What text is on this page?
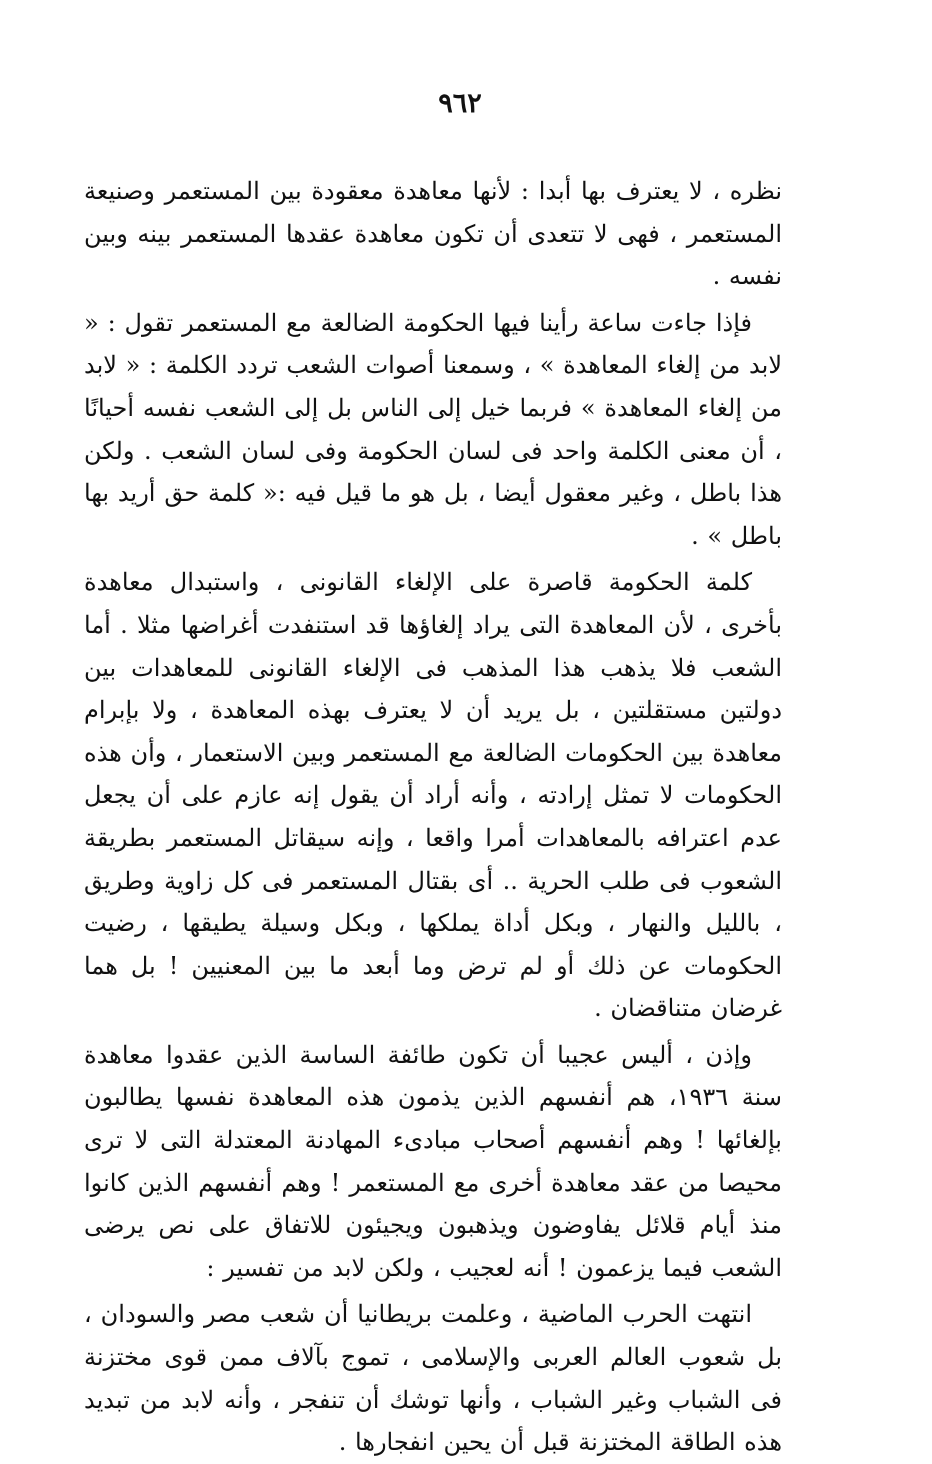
٩٦٢

نظره ، لا يعترف بها أبدا : لأنها معاهدة معقودة بين المستعمر وصنيعة المستعمر ، فهى لا تتعدى أن تكون معاهدة عقدها المستعمر بينه وبين نفسه .

فإذا جاءت ساعة رأينا فيها الحكومة الضالعة مع المستعمر تقول : « لابد من إلغاء المعاهدة » ، وسمعنا أصوات الشعب تردد الكلمة : « لابد من إلغاء المعاهدة » فربما خيل إلى الناس بل إلى الشعب نفسه أحيانًا ، أن معنى الكلمة واحد فى لسان الحكومة وفى لسان الشعب . ولكن هذا باطل ، وغير معقول أيضا ، بل هو ما قيل فيه :« كلمة حق أريد بها باطل » .

كلمة الحكومة قاصرة على الإلغاء القانونى ، واستبدال معاهدة بأخرى ، لأن المعاهدة التى يراد إلغاؤها قد استنفدت أغراضها مثلا . أما الشعب فلا يذهب هذا المذهب فى الإلغاء القانونى للمعاهدات بين دولتين مستقلتين ، بل يريد أن لا يعترف بهذه المعاهدة ، ولا بإبرام معاهدة بين الحكومات الضالعة مع المستعمر وبين الاستعمار ، وأن هذه الحكومات لا تمثل إرادته ، وأنه أراد أن يقول إنه عازم على أن يجعل عدم اعترافه بالمعاهدات أمرا واقعا ، وإنه سيقاتل المستعمر بطريقة الشعوب فى طلب الحرية .. أى بقتال المستعمر فى كل زاوية وطريق ، بالليل والنهار ، وبكل أداة يملكها ، وبكل وسيلة يطيقها ، رضيت الحكومات عن ذلك أو لم ترض وما أبعد ما بين المعنيين ! بل هما غرضان متناقضان .

وإذن ، أليس عجيبا أن تكون طائفة الساسة الذين عقدوا معاهدة سنة ١٩٣٦، هم أنفسهم الذين يذمون هذه المعاهدة نفسها يطالبون بإلغائها ! وهم أنفسهم أصحاب مبادىء المهادنة المعتدلة التى لا ترى محيصا من عقد معاهدة أخرى مع المستعمر ! وهم أنفسهم الذين كانوا منذ أيام قلائل يفاوضون ويذهبون ويجيئون للاتفاق على نص يرضى الشعب فيما يزعمون ! أنه لعجيب ، ولكن لابد من تفسير :

انتهت الحرب الماضية ، وعلمت بريطانيا أن شعب مصر والسودان ، بل شعوب العالم العربى والإسلامى ، تموج بآلاف ممن قوى مختزنة فى الشباب وغير الشباب ، وأنها توشك أن تنفجر ، وأنه لابد من تبديد هذه الطاقة المختزنة قبل أن يحين انفجارها .
